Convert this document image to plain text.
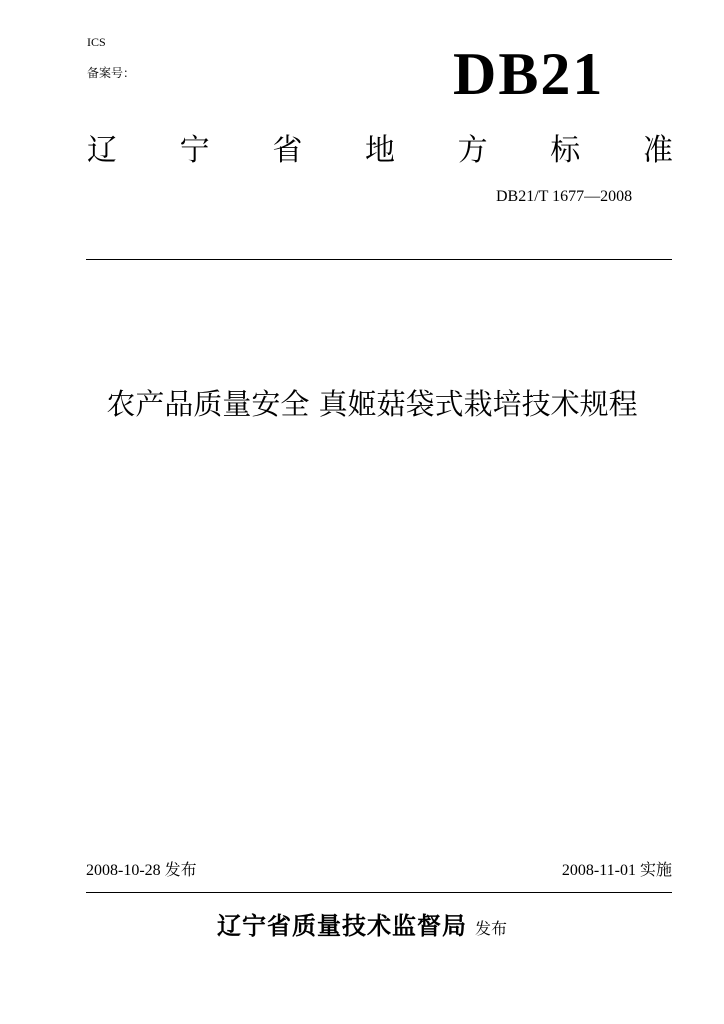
ICS
备案号：	DB21
辽 宁 省 地 方 标 准
DB21/T 1677—2008
农产品质量安全 真姬菇袋式栽培技术规程
2008-10-28 发布	2008-11-01 实施
辽宁省质量技术监督局 发布
